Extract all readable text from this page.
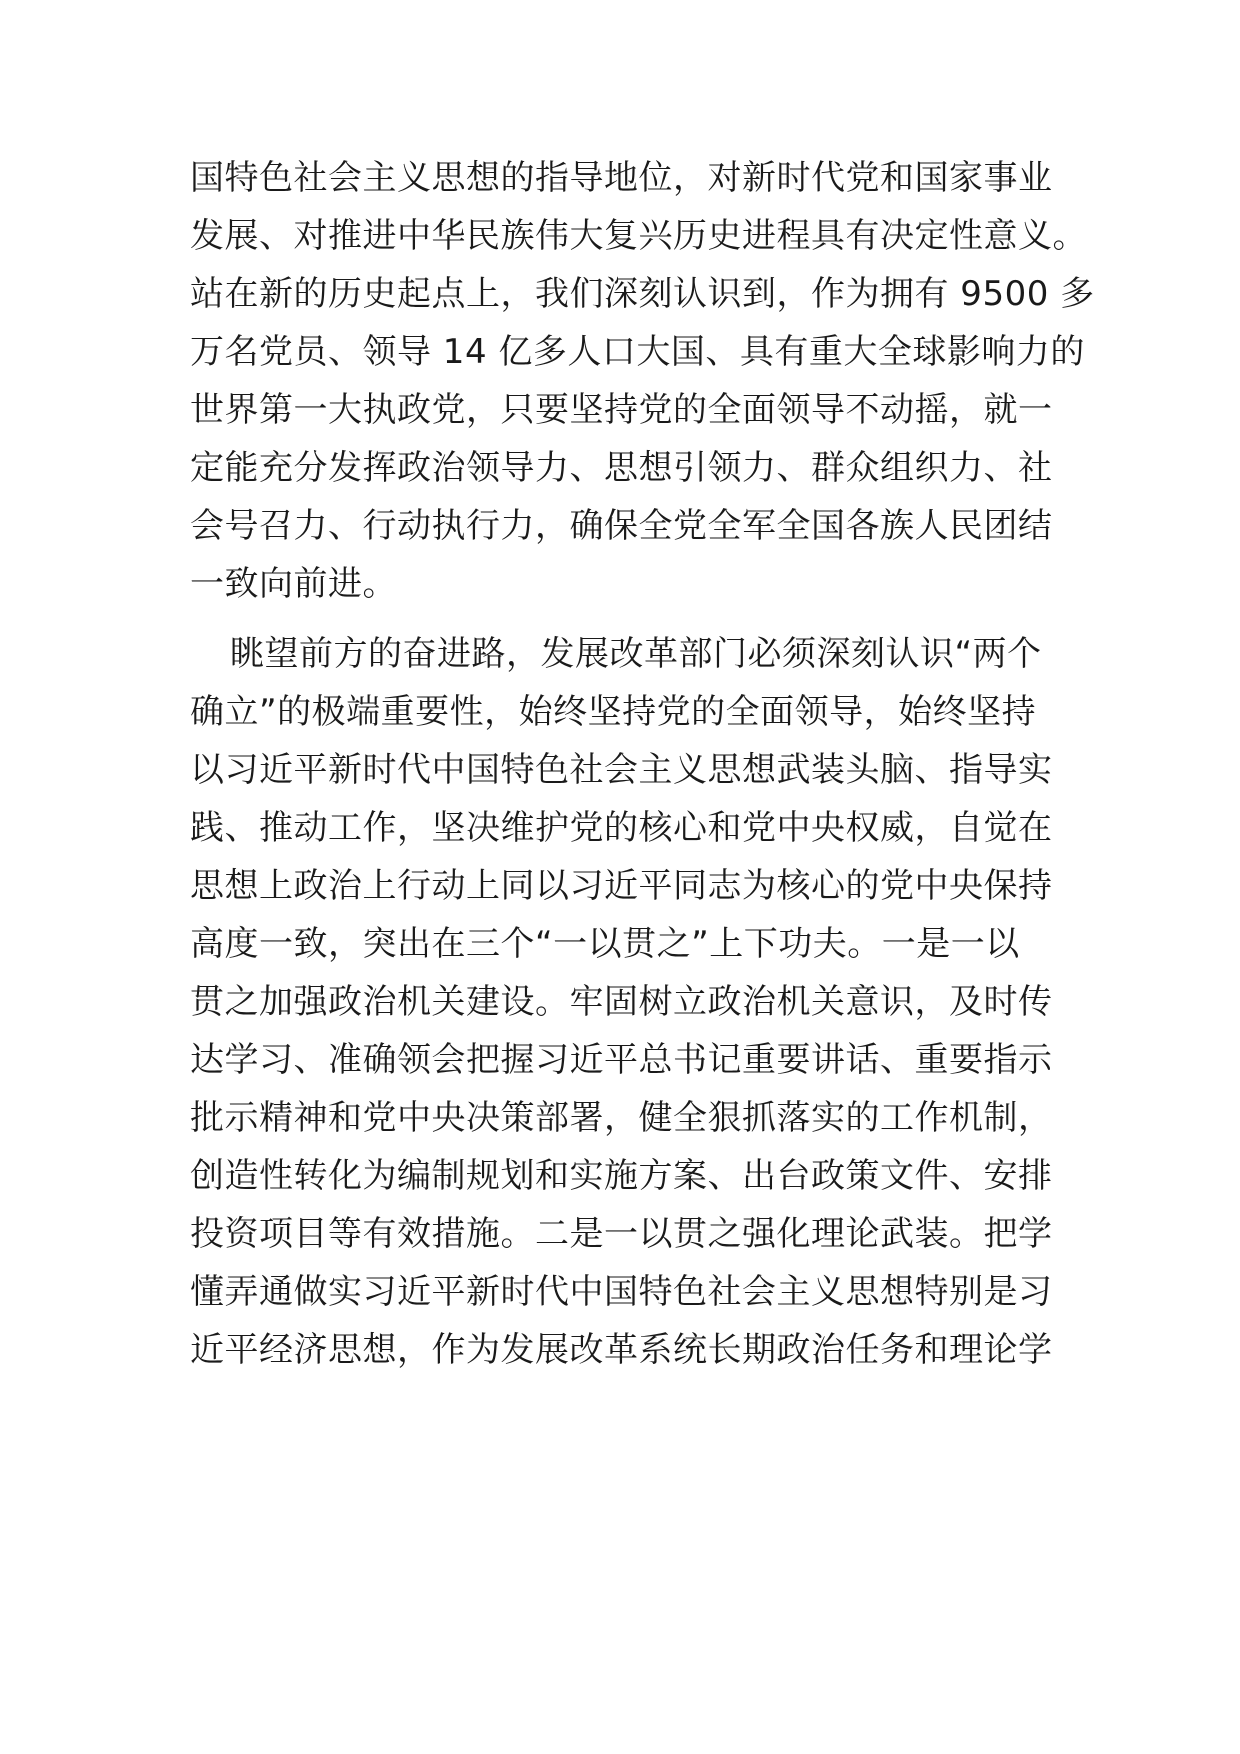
国特色社会主义思想的指导地位，对新时代党和国家事业
发展、对推进中华民族伟大复兴历史进程具有决定性意义。
站在新的历史起点上，我们深刻认识到，作为拥有 9500 多
万名党员、领导 14 亿多人口大国、具有重大全球影响力的
世界第一大执政党，只要坚持党的全面领导不动摇，就一
定能充分发挥政治领导力、思想引领力、群众组织力、社
会号召力、行动执行力，确保全党全军全国各族人民团结
一致向前进。
眺望前方的奋进路，发展改革部门必须深刻认识“两个
确立”的极端重要性，始终坚持党的全面领导，始终坚持
以习近平新时代中国特色社会主义思想武装头脑、指导实
践、推动工作，坚决维护党的核心和党中央权威，自觉在
思想上政治上行动上同以习近平同志为核心的党中央保持
高度一致，突出在三个“一以贯之”上下功夫。一是一以
贯之加强政治机关建设。牢固树立政治机关意识，及时传
达学习、准确领会把握习近平总书记重要讲话、重要指示
批示精神和党中央决策部署，健全狠抓落实的工作机制，
创造性转化为编制规划和实施方案、出台政策文件、安排
投资项目等有效措施。二是一以贯之强化理论武装。把学
懂弄通做实习近平新时代中国特色社会主义思想特别是习
近平经济思想，作为发展改革系统长期政治任务和理论学
